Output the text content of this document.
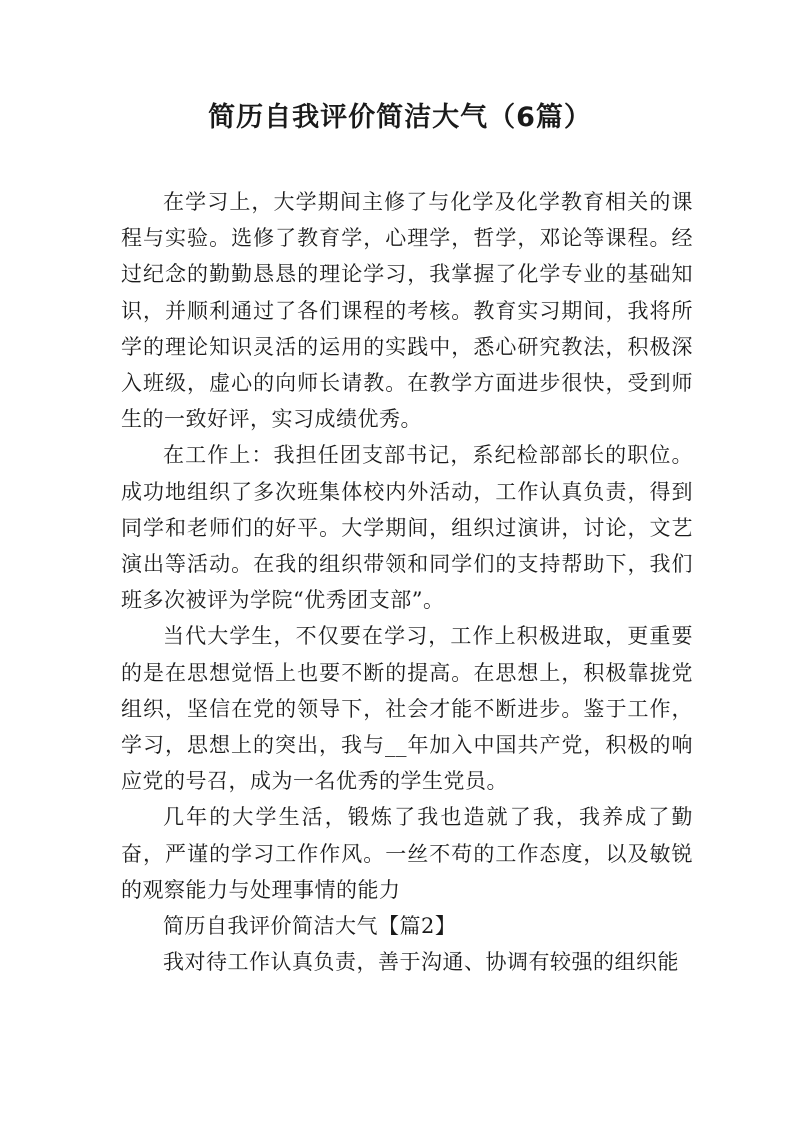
简历自我评价简洁大气（6篇）

在学习上，大学期间主修了与化学及化学教育相关的课程与实验。选修了教育学，心理学，哲学，邓论等课程。经过纪念的勤勤恳恳的理论学习，我掌握了化学专业的基础知识，并顺利通过了各们课程的考核。教育实习期间，我将所学的理论知识灵活的运用的实践中，悉心研究教法，积极深入班级，虚心的向师长请教。在教学方面进步很快，受到师生的一致好评，实习成绩优秀。

在工作上：我担任团支部书记，系纪检部部长的职位。成功地组织了多次班集体校内外活动，工作认真负责，得到同学和老师们的好平。大学期间，组织过演讲，讨论，文艺演出等活动。在我的组织带领和同学们的支持帮助下，我们班多次被评为学院“优秀团支部”。

当代大学生，不仅要在学习，工作上积极进取，更重要的是在思想觉悟上也要不断的提高。在思想上，积极靠拢党组织，坚信在党的领导下，社会才能不断进步。鉴于工作，学习，思想上的突出，我与__年加入中国共产党，积极的响应党的号召，成为一名优秀的学生党员。

几年的大学生活，锻炼了我也造就了我，我养成了勤奋，严谨的学习工作作风。一丝不苟的工作态度，以及敏锐的观察能力与处理事情的能力

简历自我评价简洁大气【篇2】

我对待工作认真负责，善于沟通、协调有较强的组织能
